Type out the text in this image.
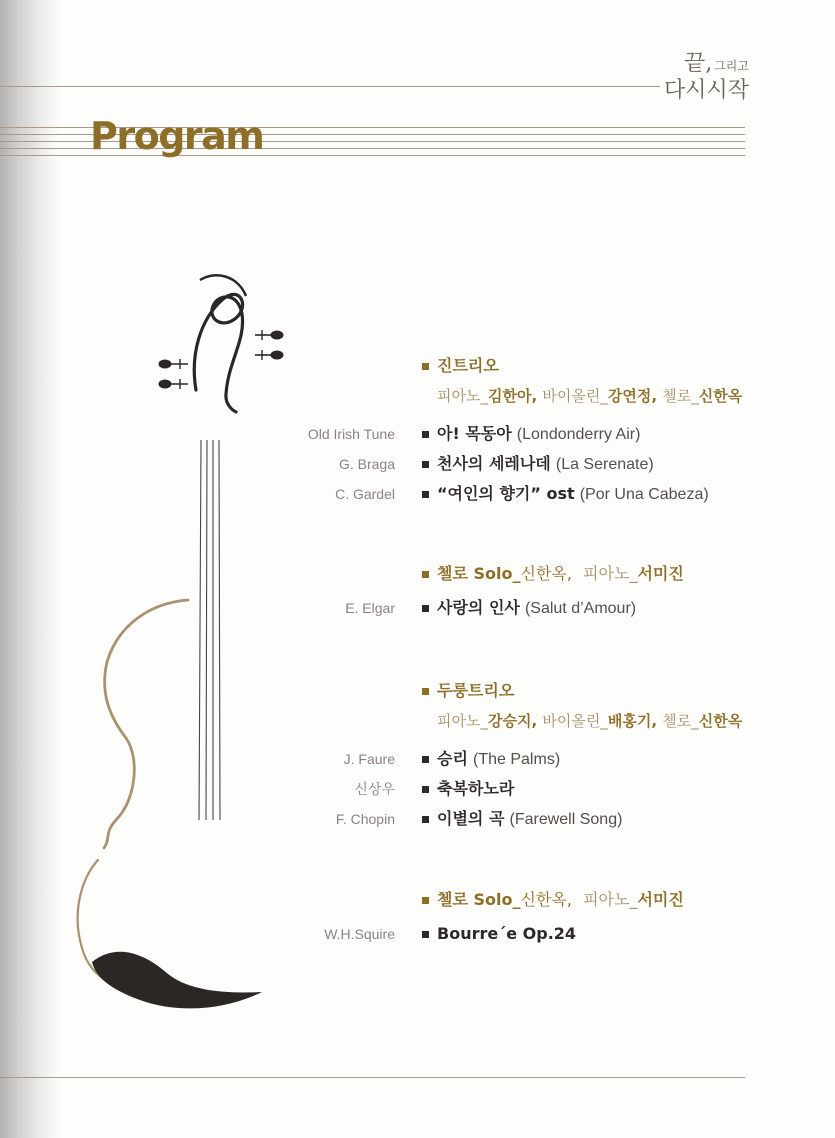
끝, 그리고
다시시작
Program
진트리오
피아노_김한아, 바이올린_강연정, 첼로_신한옥
Old Irish Tune	아! 목동아 (Londonderry Air)
G. Braga	천사의 세레나데 (La Serenate)
C. Gardel	“여인의 향기” ost (Por Una Cabeza)
첼로 Solo_신한옥, 피아노_서미진
E. Elgar	사랑의 인사 (Salut d’Amour)
두룽트리오
피아노_강승지, 바이올린_배홍기, 첼로_신한옥
J. Faure	승리 (The Palms)
신상우	축복하노라
F. Chopin	이별의 곡 (Farewell Song)
첼로 Solo_신한옥, 피아노_서미진
W.H.Squire	Bourre´e Op.24
